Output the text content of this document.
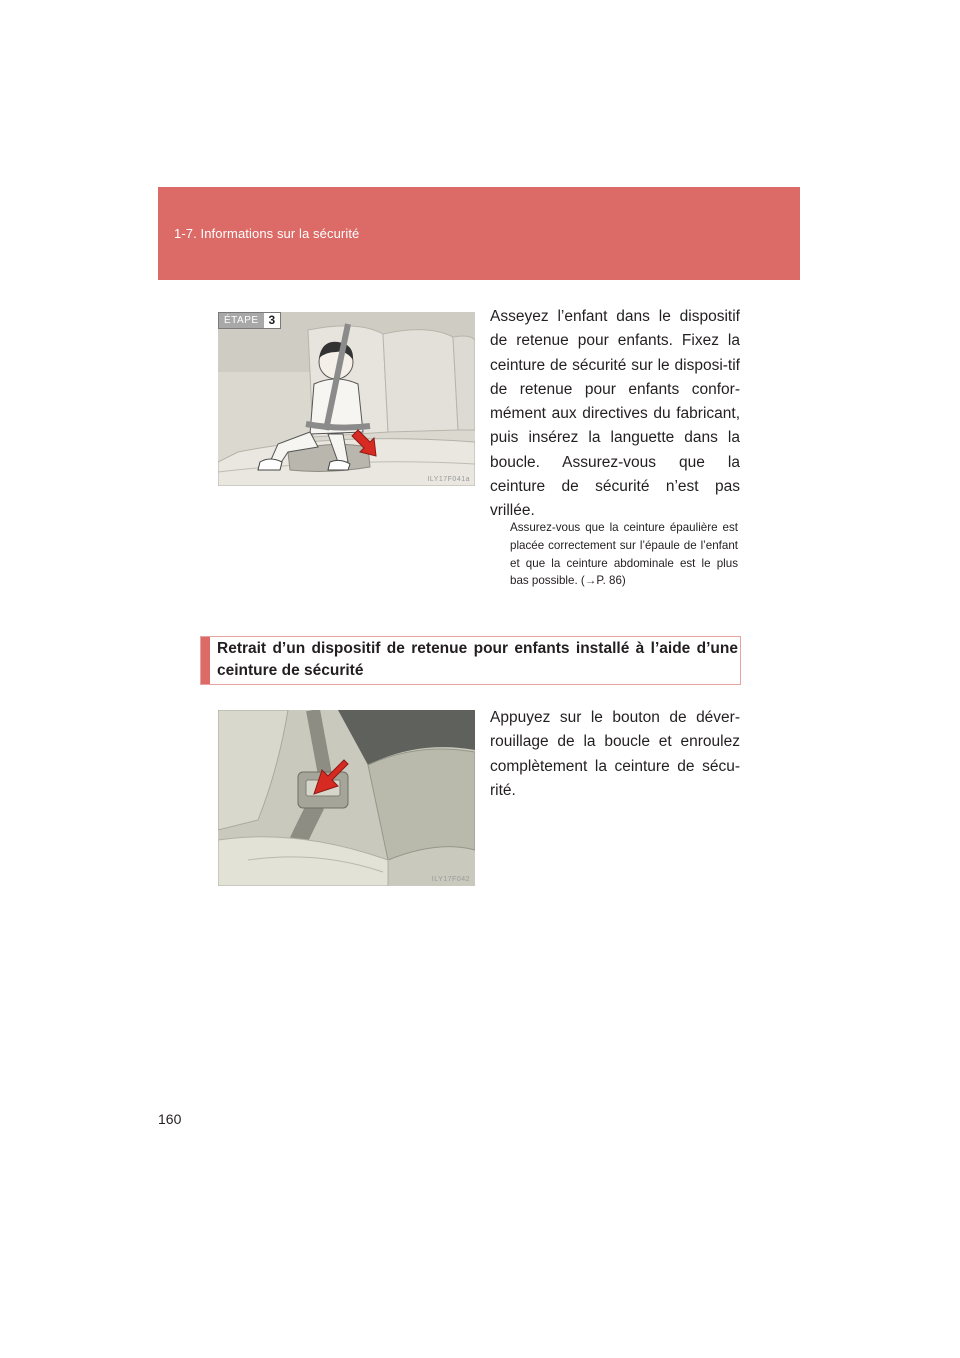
1-7. Informations sur la sécurité
ÉTAPE 3
ILY17F041a

Asseyez l’enfant dans le dispositif de retenue pour enfants. Fixez la ceinture de sécurité sur le disposi-tif de retenue pour enfants confor-mément aux directives du fabricant, puis insérez la languette dans la boucle. Assurez-vous que la ceinture de sécurité n’est pas vrillée.

Assurez-vous que la ceinture épaulière est placée correctement sur l’épaule de l’enfant et que la ceinture abdominale est le plus bas possible. (→P. 86)

Retrait d’un dispositif de retenue pour enfants installé à l’aide d’une ceinture de sécurité

ILY17F042

Appuyez sur le bouton de déver-rouillage de la boucle et enroulez complètement la ceinture de sécu-rité.

160
